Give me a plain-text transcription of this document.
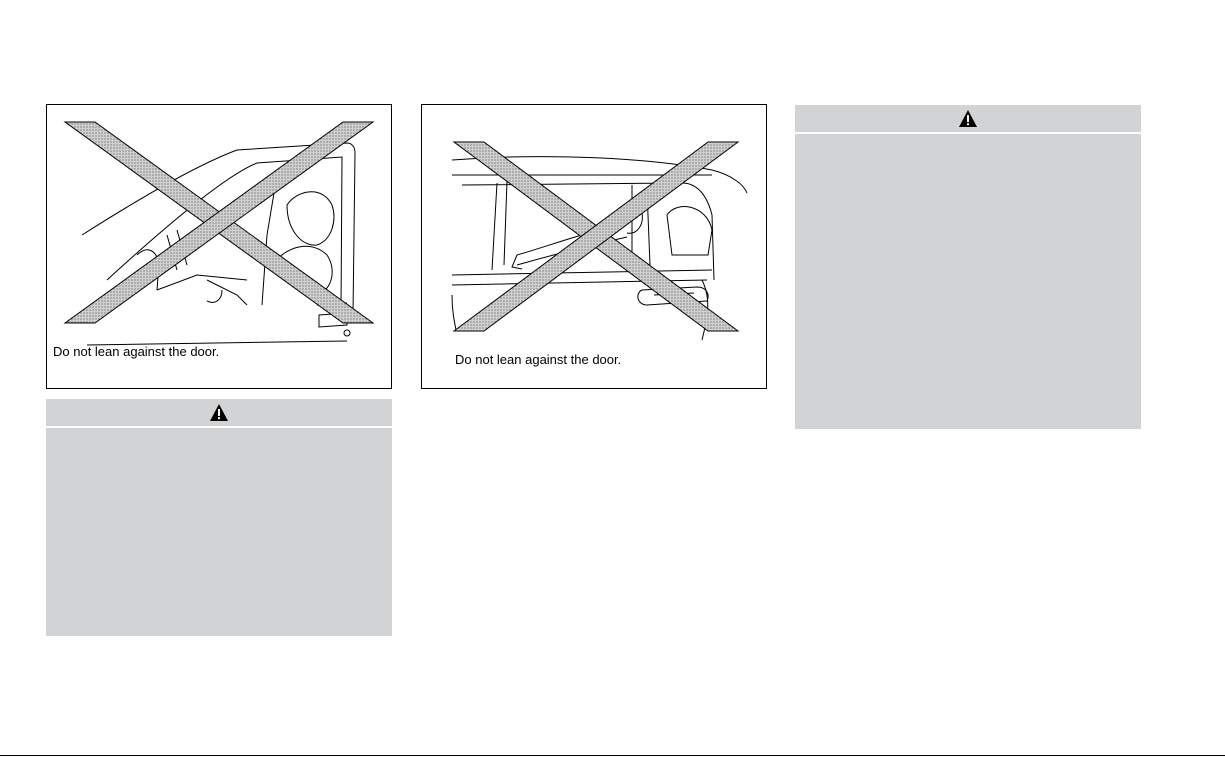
Do not lean against the door.
Do not lean against the door.
